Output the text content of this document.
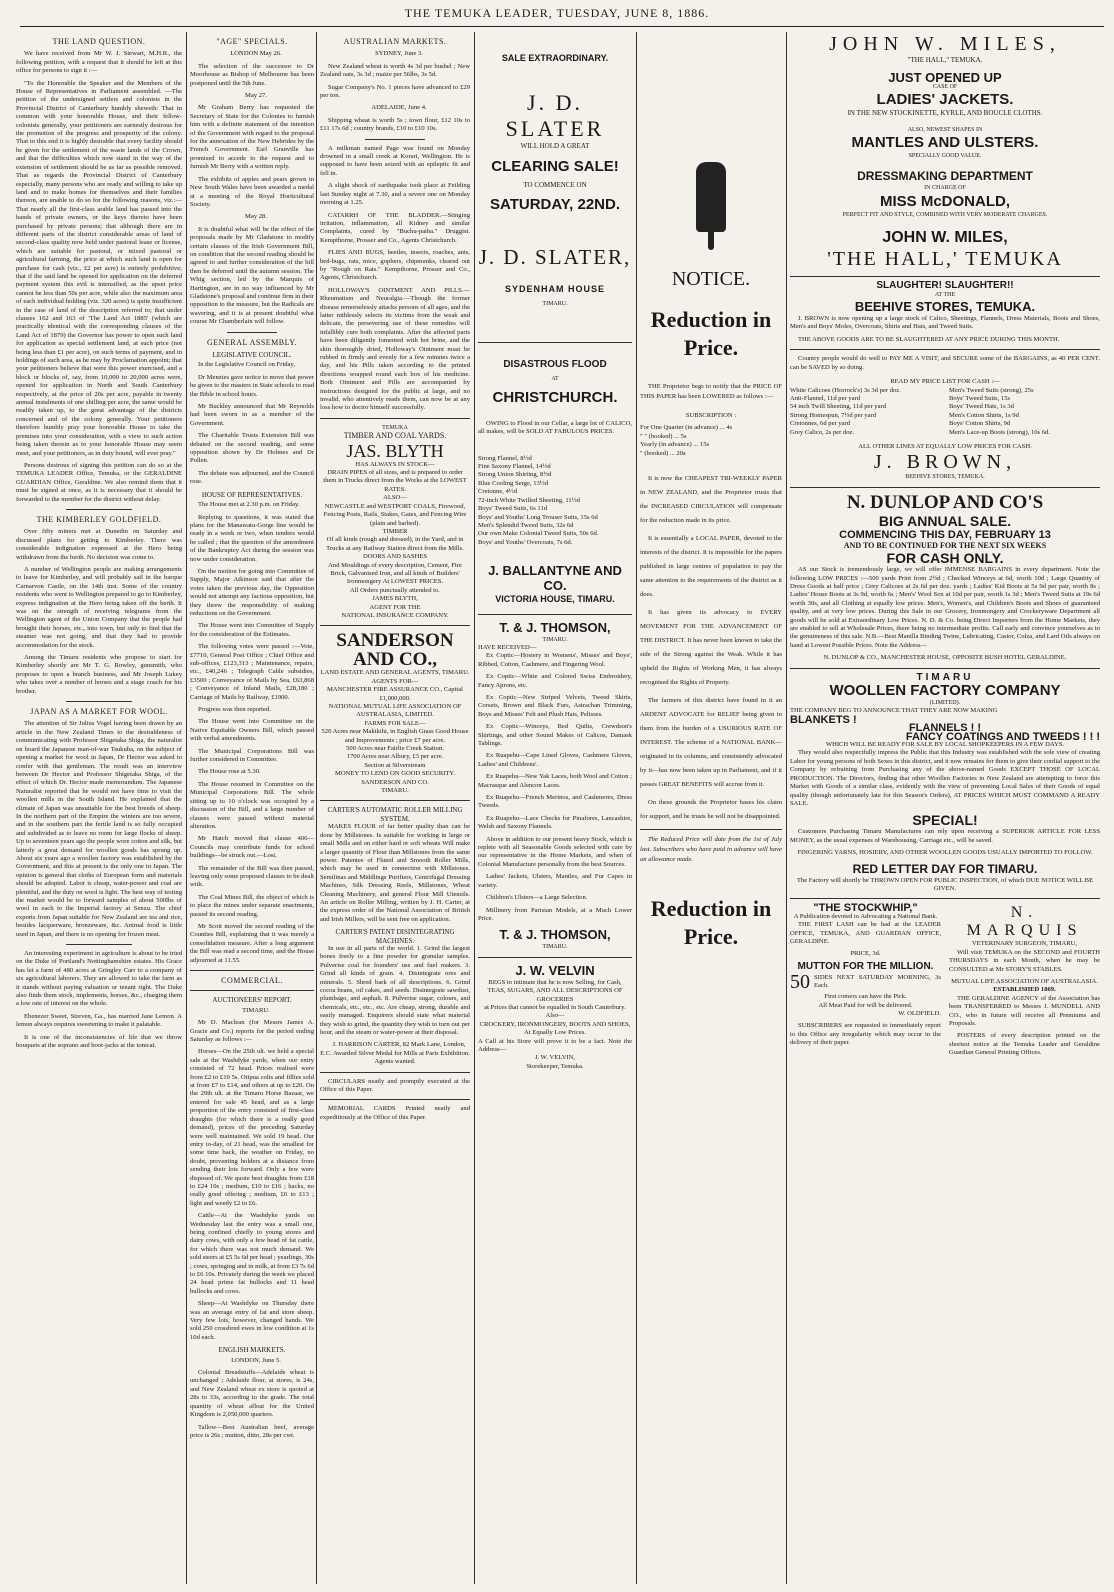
THE TEMUKA LEADER, TUESDAY, JUNE 8, 1886.
THE LAND QUESTION.

We have received from Mr W. J. Stewart, M.H.R., the following petition, with a request that it should be left at this office for persons to sign it :—

"To the Honorable the Speaker and the Members of the House of Representatives in Parliament assembled. —The petition of the undersigned settlers and colonists in the Provincial District of Canterbury humbly sheweth: That in common with your honorable House, and their fellow-colonists generally, your petitioners are earnestly desirous for the promotion of the progress and prosperity of the colony. That to this end it is highly desirable that every facility should be given for the settlement of the waste lands of the Crown, and that the difficulties which now stand in the way of the extension of settlement should be as far as possible removed. That as regards the Provincial District of Canterbury especially, many persons who are ready and willing to take up land and to make homes for themselves and their families thereon, are unable to do so for the following reasons, viz.:—That nearly all the first-class arable land has passed into the hands of private owners, or the keys thereto have been purchased by private persons; that although there are in different parts of the district considerable areas of land of second-class quality now held under pastoral lease or license, which are suitable for pastoral, or mixed pastoral or agricultural farming, the price at which such land is open for purchase for cash (viz., £2 per acre) is entirely prohibitive; that if the said land be opened for application on the deferred payment system this evil is intensified, as the upset price cannot be less than 50s per acre, while also the maximum area of each individual holding (viz. 320 acres) is quite insufficient in the case of land of the description referred to; that under clauses 162 and 163 of 'The Land Act 1885' (which are practically identical with the corresponding clauses of the Land Act of 1879) the Governor has power to open such land for application as special settlement land, at such price (not being less than £1 per acre), on such terms of payment, and in holdings of such area, as he may by Proclamation appoint; that your petitioners believe that were this power exercised, and a block or blocks of, say, from 10,000 to 20,000 acres were, opened for application in North and South Canterbury respectively, at the price of 20s per acre, payable in twenty annual instalments of one shilling per acre, the same would be readily taken up, to the great advantage of the districts concerned and of the colony generally. Your petitioners therefore humbly pray your honorable House to take the premises into your consideration, with a view to such action being taken therein as to your honorable House may seem meet, and your petitioners, as in duty bound, will ever pray."

Persons desirous of signing this petition can do so at the TEMUKA LEADER Office, Temuka, or the GERALDINE GUARDIAN Office, Geraldine. We also remind them that it must be signed at once, as it is necessary that it should be forwarded to the member for the district without delay.

THE KIMBERLEY GOLDFIELD.

Over fifty miners met at Dunedin on Saturday and discussed plans for getting to Kimberley. There was considerable indignation expressed at the Hero being withdrawn from the berth. No decision was come to.

A number of Wellington people are making arrangements to leave for Kimberley, and will probably sail in the barque Carnarvon Castle, on the 14th inst. Some of the country residents who went to Wellington prepared to go to Kimberley, express indignation at the Hero being taken off the berth. It was on the strength of receiving telegrams from the Wellington agent of the Union Company that the people had brought their horses, etc., into town, but only to find that the steamer was not going, and that they had to provide accommodation for the stock.

Among the Timaru residents who propose to start for Kimberley shortly are Mr T. G. Rowley, gunsmith, who proposes to open a branch business, and Mr Joseph Lukey who takes over a number of horses and a stage coach for his brother.

JAPAN AS A MARKET FOR WOOL.

The attention of Sir Julius Vogel having been drawn by an article in the New Zealand Times to the desirableness of communicating with Professor Shigetaka Shiga, the naturalist on board the Japanese man-of-war Tsukuba, on the subject of opening a market for wool in Japan, Dr Hector was asked to confer with that gentleman. The result was an interview between Dr Hector and Professor Shigetaka Shiga, of the effect of which Dr. Hector made memorandum. The Japanese Naturalist reported that he would not have time to visit the woollen mills in the South Island. He explained that the climate of Japan was unsuitable for the best breeds of sheep. In the northern part of the Empire the winters are too severe, and in the southern part the fertile land is so fully occupied and subdivided as to leave no room for large flocks of sheep. Up to seventeen years ago the people wore cotton and silk, but latterly a great demand for woollen goods has sprung up. About six years ago a woollen factory was established by the Government, and this at present is the only one in Japan. The opinion is general that cloths of European form and materials should be adopted. Labor is cheap, water-power and coal are plentiful, and the duty on wool is light. The best way of testing the market would be to forward samples of about 500lbs of wool in each to the Imperial factory at Senzu. The chief exports from Japan suitable for New Zealand are tea and rice, besides lacquerware, bronzeware, &c. Animal food is little used in Japan, and there is no opening for frozen meat.

An interesting experiment in agriculture is about to be tried on the Duke of Portland's Nottinghamshire estates. His Grace has let a farm of 480 acres at Gringley Carr to a company of six agricultural laborers. They are allowed to take the farm as it stands without paying valuation or tenant right. The Duke also finds them stock, implements, horses, &c., charging them a low rate of interest on the whole.

Ebenezer Sweet, Streven, Ga., has married Jane Lemon. A lemon always requires sweetening to make it palatable.

It is one of the inconsistencies of life that we throw bouquets at the soprano and boot-jacks at the tomcat.

"AGE" SPECIALS.

LONDON May 26.

The selection of the successor to Dr Moorhouse as Bishop of Melbourne has been postponed until the 5th June.

May 27.

Mr Graham Berry has requested the Secretary of State for the Colonies to furnish him with a definite statement of the intention of the Government with regard to the proposal for the annexation of the New Hebrides by the French Government. Earl Granville has promised to accede to the request and to furnish Mr Berry with a written reply.

The exhibits of apples and pears grown in New South Wales have been awarded a medal at a meeting of the Royal Horticultural Society.

May 28.

It is doubtful what will be the effect of the proposals made by Mr Gladstone to modify certain clauses of the Irish Government Bill, on condition that the second reading should be agreed to and further consideration of the bill then be deferred until the autumn session. The Whig section, led by the Marquis of Hartington, are in no way influenced by Mr Gladstone's proposal and continue firm in their opposition to the measure, but the Radicals are wavering, and it is at present doubtful what course Mr Chamberlain will follow.

GENERAL ASSEMBLY.
LEGISLATIVE COUNCIL.

In the Legislative Council on Friday,

Dr Menzies gave notice to move that power be given to the masters in State schools to read the Bible in school hours.

Mr Buckley announced that Mr Reynolds had been sworn in as a member of the Government.

The Charitable Trusts Extension Bill was debated on the second reading, and some opposition shown by Dr Holmes and Dr Pollen.

The debate was adjourned, and the Council rose.

HOUSE OF REPRESENTATIVES.

The House met at 2.30 p.m. on Friday.

Replying to questions, it was stated that plans for the Manawatu-Gorge line would be ready in a week or two, when tenders would be called ; that the question of the amendment of the Bankruptcy Act during the session was now under consideration.

On the motion for going into Committee of Supply, Major Atkinson said that after the votes taken the previous day, the Opposition would not attempt any factious opposition, but they threw the responsibility of making reductions on the Government.

The House went into Committee of Supply for the consideration of the Estimates.

The following votes were passed :—Vote, £7710, General Post Office ; Chief Office and sub-offices, £123,313 ; Maintenance, repairs, etc., £40,246 ; Telegraph Cable subsidies, £3500 ; Conveyance of Mails by Sea, £63,868 ; Conveyance of Inland Mails, £28,180 ; Carriage of Mails by Railway, £1900.

Progress was then reported.

The House went into Committee on the Native Equitable Owners Bill, which passed with verbal amendments.

The Municipal Corporations Bill was further considered in Committee.

The House rose at 5.30.

The House resumed in Committee on the Municipal Corporations Bill. The whole sitting up to 10 o'clock was occupied by a discussion of the Bill, and a large number of clauses were passed without material alteration.

Mr Hatch moved that clause 406—Councils may contribute funds for school buildings—be struck out.—Lost.

The remainder of the Bill was then passed, leaving only some proposed clauses to be dealt with.

The Coal Mines Bill, the object of which is to place the mines under separate enactments, passed its second reading.

Mr Scott moved the second reading of the Counties Bill, explaining that it was merely a consolidation measure. After a long argument the Bill was read a second time, and the House adjourned at 11.55.

COMMERCIAL.
AUCTIONEERS' REPORT.

TIMARU.

Mr D. Maclean (for Messrs James A. Gracie and Co.) reports for the period ending Saturday as follows :—

Horses—On the 25th ult. we held a special sale at the Washdyke yards, when our entry consisted of 72 head. Prices realised were from £2 to £10 5s. Otipua colts and fillies sold at from £7 to £14, and others at up to £20. On the 29th ult. at the Timaru Horse Bazaar, we entered for sale 45 head, and as a large proportion of the entry consisted of first-class draughts (for which there is a really good demand), prices of the preceding Saturday were well maintained. We sold 19 head. Our entry to-day, of 21 head, was the smallest for some time back, the weather on Friday, no doubt, preventing holders at a distance from sending their lots forward. Only a few were disposed of. We quote best draughts from £18 to £24 10s ; medium, £10 to £16 ; hacks, no really good offering ; medium, £6 to £13 ; light and weedy £2 to £6.

Cattle—At the Washdyke yards on Wednesday last the entry was a small one, being confined chiefly to young stores and dairy cows, with only a few head of fat cattle, for which there was not much demand. We sold steers at £5 5s 6d per head ; yearlings, 30s ; cows, springing and in milk, at from £3 7s 6d to £6 10s. Privately during the week we placed 24 head prime fat bullocks and 11 head bullocks and cows.

Sheep—At Washdyke on Thursday there was an average entry of fat and store sheep. Very few lots, however, changed hands. We sold 250 crossbred ewes in low condition at 1s 10d each.

ENGLISH MARKETS.

LONDON, June 5.

Colonial Breadstuffs—Adelaide wheat is unchanged ; Adelaide flour, at stores, is 24s, and New Zealand wheat ex store is quoted at 28s to 33s, according to the grade. The total quantity of wheat afloat for the United Kingdom is 2,050,000 quarters.

Tallow—Best Australian beef, average price is 26s ; mutton, ditto, 28s per cwt.

AUSTRALIAN MARKETS.

SYDNEY, June 3.

New Zealand wheat is worth 4s 3d per bushel ; New Zealand oats, 3s 3d ; maize per 56lbs, 3s 5d.

Sugar Company's No. 1 pieces have advanced to £29 per ton.

ADELAIDE, June 4.

Shipping wheat is worth 5s ; town flour, £12 10s to £11 17s 6d ; country brands, £10 to £10 10s.

A milkman named Page was found on Monday drowned in a small creek at Korari, Wellington. He is supposed to have been seized with an epileptic fit and fell in.

A slight shock of earthquake took place at Feilding last Sunday night at 7.30, and a severe one on Monday morning at 1.25.

CATARRH OF THE BLADDER.—Stinging irritation, inflammation, all Kidney and similar Complaints, cured by "Buchu-paiba." Druggist. Kempthorne, Prosser and Co., Agents Christchurch.

FLIES AND BUGS, beetles, insects, roaches, ants, bed-bugs, rats, mice, gophers, chipmunks, cleared out by "Rough on Rats." Kempthorne, Prosser and Co., Agents, Christchurch.

HOLLOWAY'S OINTMENT AND PILLS.—Rheumatism and Neuralgia.—Though the former disease remorselessly attacks persons of all ages, and the latter ruthlessly selects its victims from the weak and delicate, the persevering use of these remedies will infallibly cure both complaints. After the affected parts have been diligently fomented with hot brine, and the skin thoroughly dried, Holloway's Ointment must be rubbed in firmly and evenly for a few minutes twice a day, and his Pills taken according to the printed directions wrapped round each box of his medicine. Both Ointment and Pills are accompanied by instructions designed for the public at large, and no invalid, who attentively reads them, can now be at any loss how to doctor himself successfully.

TEMUKA
TIMBER AND COAL YARDS.
JAS. BLYTH
HAS ALWAYS IN STOCK—
DRAIN PIPES of all sizes, and is prepared to order them in Trucks direct from the Works at the LOWEST RATES.
ALSO—
NEWCASTLE and WESTPORT COALS, Firewood, Fencing Posts, Rails, Stakes, Gates, and Fencing Wire (plain and barbed).
TIMBER
Of all kinds (rough and dressed), in the Yard, and in Trucks at any Railway Station direct from the Mills.
DOORS AND SASHES
And Mouldings of every description, Cement, Fire Brick, Galvanised Iron, and all kinds of Builders' Ironmongery At LOWEST PRICES.
All Orders punctually attended to.
JAMES BLYTH,
AGENT FOR THE
NATIONAL INSURANCE COMPANY.
SANDERSON AND CO.,
LAND ESTATE AND GENERAL AGENTS, TIMARU.
AGENTS FOR—
MANCHESTER FIRE ASSURANCE CO., Capital £1,000,000.
NATIONAL MUTUAL LIFE ASSOCIATION OF AUSTRALASIA, LIMITED.
FARMS FOR SALE—
520 Acres near Makikihi, in English Grass Good House and Improvements ; price £7 per acre.
500 Acres near Fairlie Creek Station.
1700 Acres near Albury, £3 per acre.
Section at Silverstream
MONEY TO LEND ON GOOD SECURITY.
SANDERSON AND CO.
TIMARU.
CARTER'S AUTOMATIC ROLLER MILLING SYSTEM.

MAKES FLOUR of far better quality than can be done by Millstones. Is suitable for working in large or small Mills and on either hard or soft wheats Will make a larger quantity of Flour than Millstones from the same power. Patentee of Fluted and Smooth Roller Mills, which may be used in connection with Millstones. Semilinas and Middlings Purifiers, Centrifugal Dressing Machines, Silk Dressing Reels, Millstones, Wheat Cleaning Machinery, and general Flour Mill Utensils. An article on Roller Milling, written by J. H. Carter, at the express order of the National Association of British and Irish Millers, will be sent free on application.

CARTER'S PATENT DISINTEGRATING MACHINES.

In use in all parts of the world. 1. Grind the largest bones freely to a fine powder for granular samples. Pulverise coal for founders' use and fuel makers. 3. Grind all kinds of grain. 4. Disintegrate ores and minerals. 5. Shred bark of all descriptions. 6. Grind cocoa beans, oil cakes, and seeds. Disintegrate sawdust, plumbago, and asphalt. 8. Pulverise sugar, colours, and chemicals, etc., etc., etc. Are cheap, strong, durable and easily managed. Enquirers should state what material they wish to grind, the quantity they wish to turn out per hour, and the steam or water-power at their disposal.

J. HARRISON CARTER, 82 Mark Lane, London, E.C. Awarded Silver Medal for Mills at Paris Exhibition. Agents wanted.

CIRCULARS neatly and promptly executed at the Office of this Paper.

MEMORIAL CARDS Printed neatly and expeditiously at the Office of this Paper.

SALE EXTRAORDINARY.
J. D. SLATER
WILL HOLD A GREAT
CLEARING SALE!
TO COMMENCE ON
SATURDAY, 22ND.
J. D. SLATER,
SYDENHAM HOUSE
TIMARU.
DISASTROUS FLOOD
AT
CHRISTCHURCH.

OWING to Flood in our Cellar, a large lot of CALICO, all makes, will be SOLD AT FABULOUS PRICES.

Strong Flannel, 8½d
Fine Saxony Flannel, 14½d
Strong Union Shirting, 8½d
Blue Cooling Serge, 13½d
Cretonne, 4½d
72-inch White Twilled Sheeting, 11½d
Boys' Tweed Suits, 6s 11d
Boys' and Youths' Long Trouser Suits, 15s 6d
Men's Splendid Tweed Suits, 32s 6d
Our own Make Colonial Tweed Suits, 50s 6d.
Boys' and Youths' Overcoats, 7s 6d.
J. BALLANTYNE AND CO.
VICTORIA HOUSE, TIMARU.
T. & J. THOMSON,
TIMARU.
HAVE RECEIVED—

Ex Coptic—Hosiery in Womens', Misses' and Boys', Ribbed, Cotton, Cashmere, and Fingering Wool.

Ex Coptic—White and Colored Swiss Embroidery, Fancy Aprons, etc.

Ex Coptic—New Striped Velvets, Tweed Skirts, Corsets, Brown and Black Furs, Astrachan Trimming, Boys and Misses' Felt and Plush Hats, Pelisses.

Ex Coptic—Winceys, Bed Quilts, Crewdson's Shirtings, and other Sound Makes of Calicos, Damask Tablings.

Ex Ruapehu—Cape Lined Gloves, Cashmere Gloves, Ladies' and Childrens'.

Ex Ruapehu—New Yak Laces, both Wool and Cotton ; Macrasque and Alencon Laces.

Ex Ruapehu—French Merinos, and Cashmeres, Dress Tweeds.

Ex Ruapehu—Lace Checks for Pinafores, Lancashire, Welsh and Saxony Flannels.

Above in addition to our present heavy Stock, which is replete with all Seasonable Goods selected with care by our representative in the Home Markets, and when of Colonial Manufacture personally from the best Sources.

Ladies' Jackets, Ulsters, Mantles, and Fur Capes in variety.

Children's Ulsters—a Large Selection.

Millinery from Parisian Models, at a Much Lower Price.

T. & J. THOMSON,
TIMARU.
J. W. VELVIN
BEGS to intimate that he is now Selling, for Cash,
TEAS, SUGARS, AND ALL DESCRIPTIONS OF GROCERIES
at Prices that cannot be equalled in South Canterbury.
Also—
CROCKERY, IRONMONGERY, BOOTS AND SHOES,
At Equally Low Prices.
A Call at his Store will prove it to be a fact. Note the Address—
J. W. VELVIN,
Storekeeper, Temuka.
NOTICE.
Reduction in Price.

THE Proprietor begs to notify that the PRICE OF THIS PAPER has been LOWERED as follows :—

SUBSCRIPTION :
For One Quarter (in advance) ... 4s
" " (booked) ... 5s
Yearly (in advance) ... 15s
" (booked) ... 20s

It is now the CHEAPEST TRI-WEEKLY PAPER in NEW ZEALAND, and the Proprietor trusts that the INCREASED CIRCULATION will compensate for the reduction made in its price.

It is essentially a LOCAL PAPER, devoted to the interests of the district. It is impossible for the papers published in large centres of population to pay the same attention to the requirements of the district as it does.

It has given its advocacy to EVERY MOVEMENT FOR THE ADVANCEMENT OF THE DISTRICT. It has never been known to take the side of the Strong against the Weak. While it has upheld the Rights of Working Men, it has always recognised the Rights of Property.

The farmers of this district have found in it an ARDENT ADVOCATE for RELIEF being given to them from the burden of a USURIOUS RATE OF INTEREST. The scheme of a NATIONAL BANK—originated in its columns, and consistently advocated by it—has now been taken up in Parliament, and if it passes GREAT BENEFITS will accrue from it.

On these grounds the Proprietor bases his claim for support, and he trusts he will not be disappointed.

The Reduced Price will date from the 1st of July last. Subscribers who have paid in advance will have an allowance made.

Reduction in Price.
JOHN W. MILES,
"THE HALL," TEMUKA.
JUST OPENED UP
CASE OF
LADIES' JACKETS.
IN THE NEW STOCKINETTE, KYRLE, AND BOUCLE CLOTHS.
ALSO, NEWEST SHAPES IN
MANTLES AND ULSTERS.
SPECIALLY GOOD VALUE.
DRESSMAKING DEPARTMENT
IN CHARGE OF
MISS McDONALD,
PERFECT FIT AND STYLE, COMBINED WITH VERY MODERATE CHARGES.
JOHN W. MILES,
'THE HALL,' TEMUKA
SLAUGHTER! SLAUGHTER!!
AT THE
BEEHIVE STORES, TEMUKA.

J. BROWN is now opening up a large stock of Calico, Sheetings, Flannels, Dress Materials, Boots and Shoes, Men's and Boys' Moles, Overcoats, Shirts and Hats, and Tweed Suits.

THE ABOVE GOODS ARE TO BE SLAUGHTERED AT ANY PRICE DURING THIS MONTH.

Country people would do well to PAY ME A VISIT, and SECURE some of the BARGAINS, as 40 PER CENT. can be SAVED by so doing.

READ MY PRICE LIST FOR CASH :—
White Calicoes (Horrock's) 3s 3d per doz.
Anti-Flannel, 11d per yard
54 inch Twill Sheeting, 11d per yard
Strong Homespun, 7½d per yard
Cretonnes, 6d per yard
Grey Calico, 2s per doz.
Men's Tweed Suits (strong), 25s
Boys' Tweed Suits, 15s
Boys' Tweed Hats, 1s 3d
Men's Cotton Shirts, 1s 9d
Boys' Cotton Shirts, 9d
Men's Lace-up Boots (strong), 10s 6d.
ALL OTHER LINES AT EQUALLY LOW PRICES FOR CASH.
J. BROWN,
BEEHIVE STORES, TEMUKA.
N. DUNLOP AND CO'S
BIG ANNUAL SALE.
COMMENCING THIS DAY, FEBRUARY 13
AND TO BE CONTINUED FOR THE NEXT SIX WEEKS
FOR CASH ONLY.

AS our Stock is tremendously large, we will offer IMMENSE BARGAINS in every department. Note the following LOW PRICES :—500 yards Print from 2½d ; Checked Winceys at 6d, worth 10d ; Large Quantity of Dress Goods at half price ; Grey Calicoes at 2s 6d per doz. yards ; Ladies' Kid Boots at 5s 9d per pair, worth 8s ; Ladies' House Boots at 3s 9d, worth 6s ; Men's' Wool Sox at 10d per pair, worth 1s 3d ; Men's Tweed Suits at 19s 6d worth 30s, and all Clothing at equally low prices. Men's, Women's, and Children's Boots and Shoes of guaranteed quality, and at very low prices. During this Sale in our Grocery, Ironmongery and Crockeryware Department all goods will be sold at Extraordinary Low Prices. N. D. & Co. being Direct Importers from the Home Markets, they are enabled to sell at Wholesale Prices, there being no intermediate profits. Call early and convince yourselves as to the genuineness of this sale. N.B.—Best Manilla Binding Twine, Lubricating, Castor, Colza, and Lard Oils always on hand at Lowest Possible Prices. Note the Address—

N. DUNLOP & CO., MANCHESTER HOUSE, OPPOSITE BUSH HOTEL GERALDINE.
TIMARU
WOOLLEN FACTORY COMPANY
(LIMITED).
THE COMPANY BEG TO ANNOUNCE THAT THEY ARE NOW MAKING
BLANKETS !
FLANNELS ! !
FANCY COATINGS AND TWEEDS ! ! !
WHICH WILL BE READY FOR SALE BY LOCAL SHOPKEEPERS IN A FEW DAYS.

They would also respectfully impress the Public that this Industry was established with the sole view of creating Labor for young persons of both Sexes in this district, and it now remains for them to give their cordial support to the Company by refraining from Purchasing any of the above-named Goods EXCEPT THOSE OF LOCAL PRODUCTION. The Directors, finding that other Woollen Factories in New Zealand are attempting to force this Market with Goods of a similar class, evidently with the view of preventing Local Sales of their Goods of equal quality (though unfortunately late for this Season's Orders), AT PRICES WHICH MUST COMMAND A READY SALE.

SPECIAL!

Customers Purchasing Timaru Manufactures can rely upon receiving a SUPERIOR ARTICLE FOR LESS MONEY, as the usual expenses of Warehousing, Carriage etc., will be saved.

FINGERING YARNS, HOSIERY, AND OTHER WOOLLEN GOODS USUALLY IMPORTED TO FOLLOW.
RED LETTER DAY FOR TIMARU.
The Factory will shortly be THROWN OPEN FOR PUBLIC INSPECTION, of which DUE NOTICE WILL BE GIVEN.
"THE STOCKWHIP,"
A Publication devoted to Advocating a National Bank.

THE FIRST LASH can be had at the LEADER OFFICE, TEMUKA, AND GUARDIAN OFFICE, GERALDINE.

PRICE, 3d.
MUTTON FOR THE MILLION.
50 SIDES NEXT SATURDAY MORNING, 3s Each.
First comers can have the Pick.
All Meat Paid for will be delivered.
W. OLDFIELD.

SUBSCRIBERS are requested to immediately report to this Office any irregularity which may occur in the delivery of their paper.

N. MARQUIS
VETERINARY SURGEON, TIMARU,

Will visit TEMUKA on the SECOND and FOURTH THURSDAYS in each Month, when he may be CONSULTED at Mr STORY'S STABLES.

MUTUAL LIFE ASSOCIATION OF AUSTRALASIA.
ESTABLISHED 1869.

THE GERALDINE AGENCY of the Association has been TRANSFERRED to Messrs J. MUNDELL AND CO., who in future will receive all Premiums and Proposals.

POSTERS of every description printed on the shortest notice at the Temuka Leader and Geraldine Guardian General Printing Offices.
